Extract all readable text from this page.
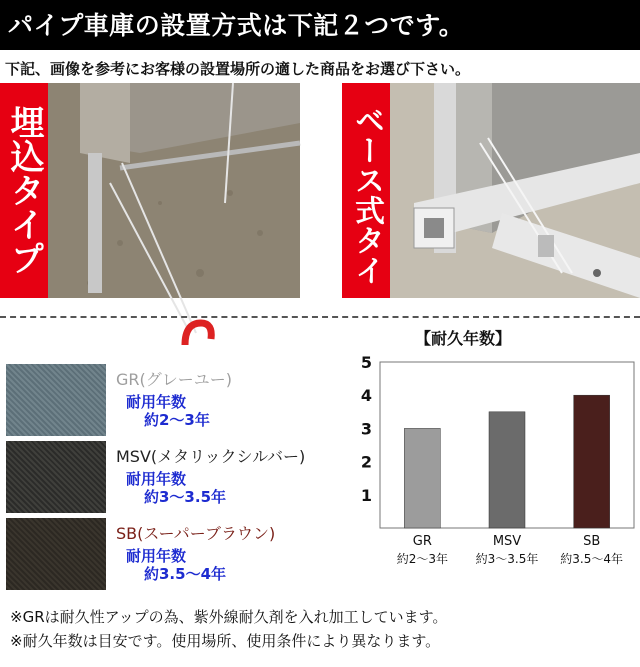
パイプ車庫の設置方式は下記２つです。
下記、画像を参考にお客様の設置場所の適した商品をお選び下さい。
埋込タイプ	ベース式タイプ
GR(グレーユー)
耐用年数
約2～3年
MSV(メタリックシルバー)
耐用年数
約3～3.5年
SB(スーパーブラウン)
耐用年数
約3.5～4年
【耐久年数】
1
2
3
4
5
GR
約2～3年
MSV
約3～3.5年
SB
約3.5～4年
※GRは耐久性アップの為、紫外線耐久剤を入れ加工しています。
※耐久年数は目安です。使用場所、使用条件により異なります。
